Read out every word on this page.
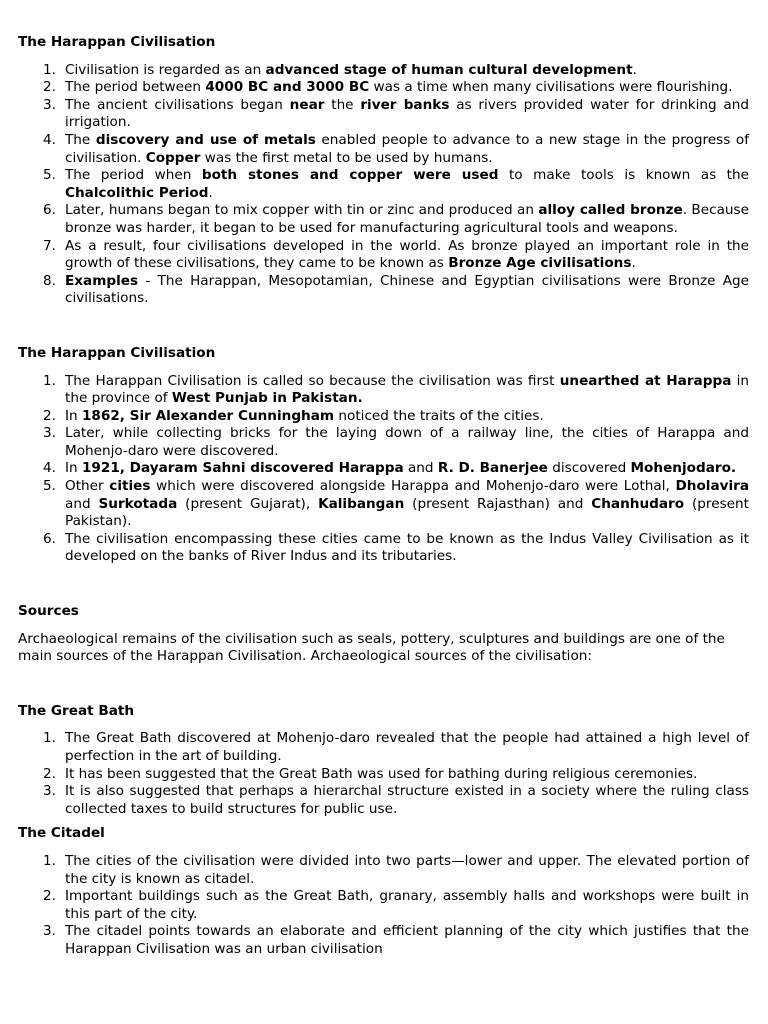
The Harappan Civilisation
1. Civilisation is regarded as an advanced stage of human cultural development.
2. The period between 4000 BC and 3000 BC was a time when many civilisations were flourishing.
3. The ancient civilisations began near the river banks as rivers provided water for drinking and irrigation.
4. The discovery and use of metals enabled people to advance to a new stage in the progress of civilisation. Copper was the first metal to be used by humans.
5. The period when both stones and copper were used to make tools is known as the Chalcolithic Period.
6. Later, humans began to mix copper with tin or zinc and produced an alloy called bronze. Because bronze was harder, it began to be used for manufacturing agricultural tools and weapons.
7. As a result, four civilisations developed in the world. As bronze played an important role in the growth of these civilisations, they came to be known as Bronze Age civilisations.
8. Examples - The Harappan, Mesopotamian, Chinese and Egyptian civilisations were Bronze Age civilisations.
The Harappan Civilisation
1. The Harappan Civilisation is called so because the civilisation was first unearthed at Harappa in the province of West Punjab in Pakistan.
2. In 1862, Sir Alexander Cunningham noticed the traits of the cities.
3. Later, while collecting bricks for the laying down of a railway line, the cities of Harappa and Mohenjo-daro were discovered.
4. In 1921, Dayaram Sahni discovered Harappa and R. D. Banerjee discovered Mohenjodaro.
5. Other cities which were discovered alongside Harappa and Mohenjo-daro were Lothal, Dholavira and Surkotada (present Gujarat), Kalibangan (present Rajasthan) and Chanhudaro (present Pakistan).
6. The civilisation encompassing these cities came to be known as the Indus Valley Civilisation as it developed on the banks of River Indus and its tributaries.
Sources

Archaeological remains of the civilisation such as seals, pottery, sculptures and buildings are one of the main sources of the Harappan Civilisation. Archaeological sources of the civilisation:

The Great Bath
1. The Great Bath discovered at Mohenjo-daro revealed that the people had attained a high level of perfection in the art of building.
2. It has been suggested that the Great Bath was used for bathing during religious ceremonies.
3. It is also suggested that perhaps a hierarchal structure existed in a society where the ruling class collected taxes to build structures for public use.
The Citadel
1. The cities of the civilisation were divided into two parts—lower and upper. The elevated portion of the city is known as citadel.
2. Important buildings such as the Great Bath, granary, assembly halls and workshops were built in this part of the city.
3. The citadel points towards an elaborate and efficient planning of the city which justifies that the Harappan Civilisation was an urban civilisation
